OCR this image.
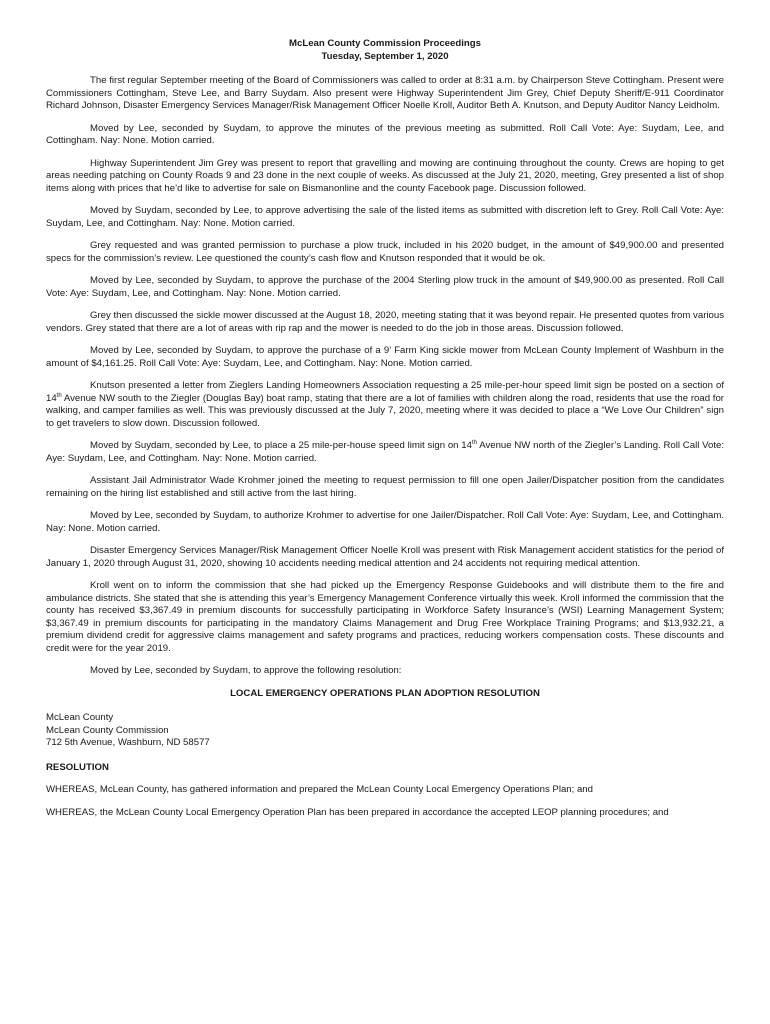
McLean County Commission Proceedings
Tuesday, September 1, 2020

The first regular September meeting of the Board of Commissioners was called to order at 8:31 a.m. by Chairperson Steve Cottingham. Present were Commissioners Cottingham, Steve Lee, and Barry Suydam. Also present were Highway Superintendent Jim Grey, Chief Deputy Sheriff/E-911 Coordinator Richard Johnson, Disaster Emergency Services Manager/Risk Management Officer Noelle Kroll, Auditor Beth A. Knutson, and Deputy Auditor Nancy Leidholm.

Moved by Lee, seconded by Suydam, to approve the minutes of the previous meeting as submitted. Roll Call Vote: Aye: Suydam, Lee, and Cottingham. Nay: None. Motion carried.

Highway Superintendent Jim Grey was present to report that gravelling and mowing are continuing throughout the county. Crews are hoping to get areas needing patching on County Roads 9 and 23 done in the next couple of weeks. As discussed at the July 21, 2020, meeting, Grey presented a list of shop items along with prices that he’d like to advertise for sale on Bismanonline and the county Facebook page. Discussion followed.

Moved by Suydam, seconded by Lee, to approve advertising the sale of the listed items as submitted with discretion left to Grey. Roll Call Vote: Aye: Suydam, Lee, and Cottingham. Nay: None. Motion carried.

Grey requested and was granted permission to purchase a plow truck, included in his 2020 budget, in the amount of $49,900.00 and presented specs for the commission’s review. Lee questioned the county’s cash flow and Knutson responded that it would be ok.

Moved by Lee, seconded by Suydam, to approve the purchase of the 2004 Sterling plow truck in the amount of $49,900.00 as presented. Roll Call Vote: Aye: Suydam, Lee, and Cottingham. Nay: None. Motion carried.

Grey then discussed the sickle mower discussed at the August 18, 2020, meeting stating that it was beyond repair. He presented quotes from various vendors. Grey stated that there are a lot of areas with rip rap and the mower is needed to do the job in those areas. Discussion followed.

Moved by Lee, seconded by Suydam, to approve the purchase of a 9’ Farm King sickle mower from McLean County Implement of Washburn in the amount of $4,161.25. Roll Call Vote: Aye: Suydam, Lee, and Cottingham. Nay: None. Motion carried.

Knutson presented a letter from Zieglers Landing Homeowners Association requesting a 25 mile-per-hour speed limit sign be posted on a section of 14th Avenue NW south to the Ziegler (Douglas Bay) boat ramp, stating that there are a lot of families with children along the road, residents that use the road for walking, and camper families as well. This was previously discussed at the July 7, 2020, meeting where it was decided to place a “We Love Our Children” sign to get travelers to slow down. Discussion followed.

Moved by Suydam, seconded by Lee, to place a 25 mile-per-house speed limit sign on 14th Avenue NW north of the Ziegler’s Landing. Roll Call Vote: Aye: Suydam, Lee, and Cottingham. Nay: None. Motion carried.

Assistant Jail Administrator Wade Krohmer joined the meeting to request permission to fill one open Jailer/Dispatcher position from the candidates remaining on the hiring list established and still active from the last hiring.

Moved by Lee, seconded by Suydam, to authorize Krohmer to advertise for one Jailer/Dispatcher. Roll Call Vote: Aye: Suydam, Lee, and Cottingham. Nay: None. Motion carried.

Disaster Emergency Services Manager/Risk Management Officer Noelle Kroll was present with Risk Management accident statistics for the period of January 1, 2020 through August 31, 2020, showing 10 accidents needing medical attention and 24 accidents not requiring medical attention.

Kroll went on to inform the commission that she had picked up the Emergency Response Guidebooks and will distribute them to the fire and ambulance districts. She stated that she is attending this year’s Emergency Management Conference virtually this week. Kroll informed the commission that the county has received $3,367.49 in premium discounts for successfully participating in Workforce Safety Insurance’s (WSI) Learning Management System; $3,367.49 in premium discounts for participating in the mandatory Claims Management and Drug Free Workplace Training Programs; and $13,932.21, a premium dividend credit for aggressive claims management and safety programs and practices, reducing workers compensation costs. These discounts and credit were for the year 2019.

Moved by Lee, seconded by Suydam, to approve the following resolution:

LOCAL EMERGENCY OPERATIONS PLAN ADOPTION RESOLUTION
McLean County
McLean County Commission
712 5th Avenue, Washburn, ND 58577
RESOLUTION

WHEREAS, McLean County, has gathered information and prepared the McLean County Local Emergency Operations Plan; and

WHEREAS, the McLean County Local Emergency Operation Plan has been prepared in accordance the accepted LEOP planning procedures; and
